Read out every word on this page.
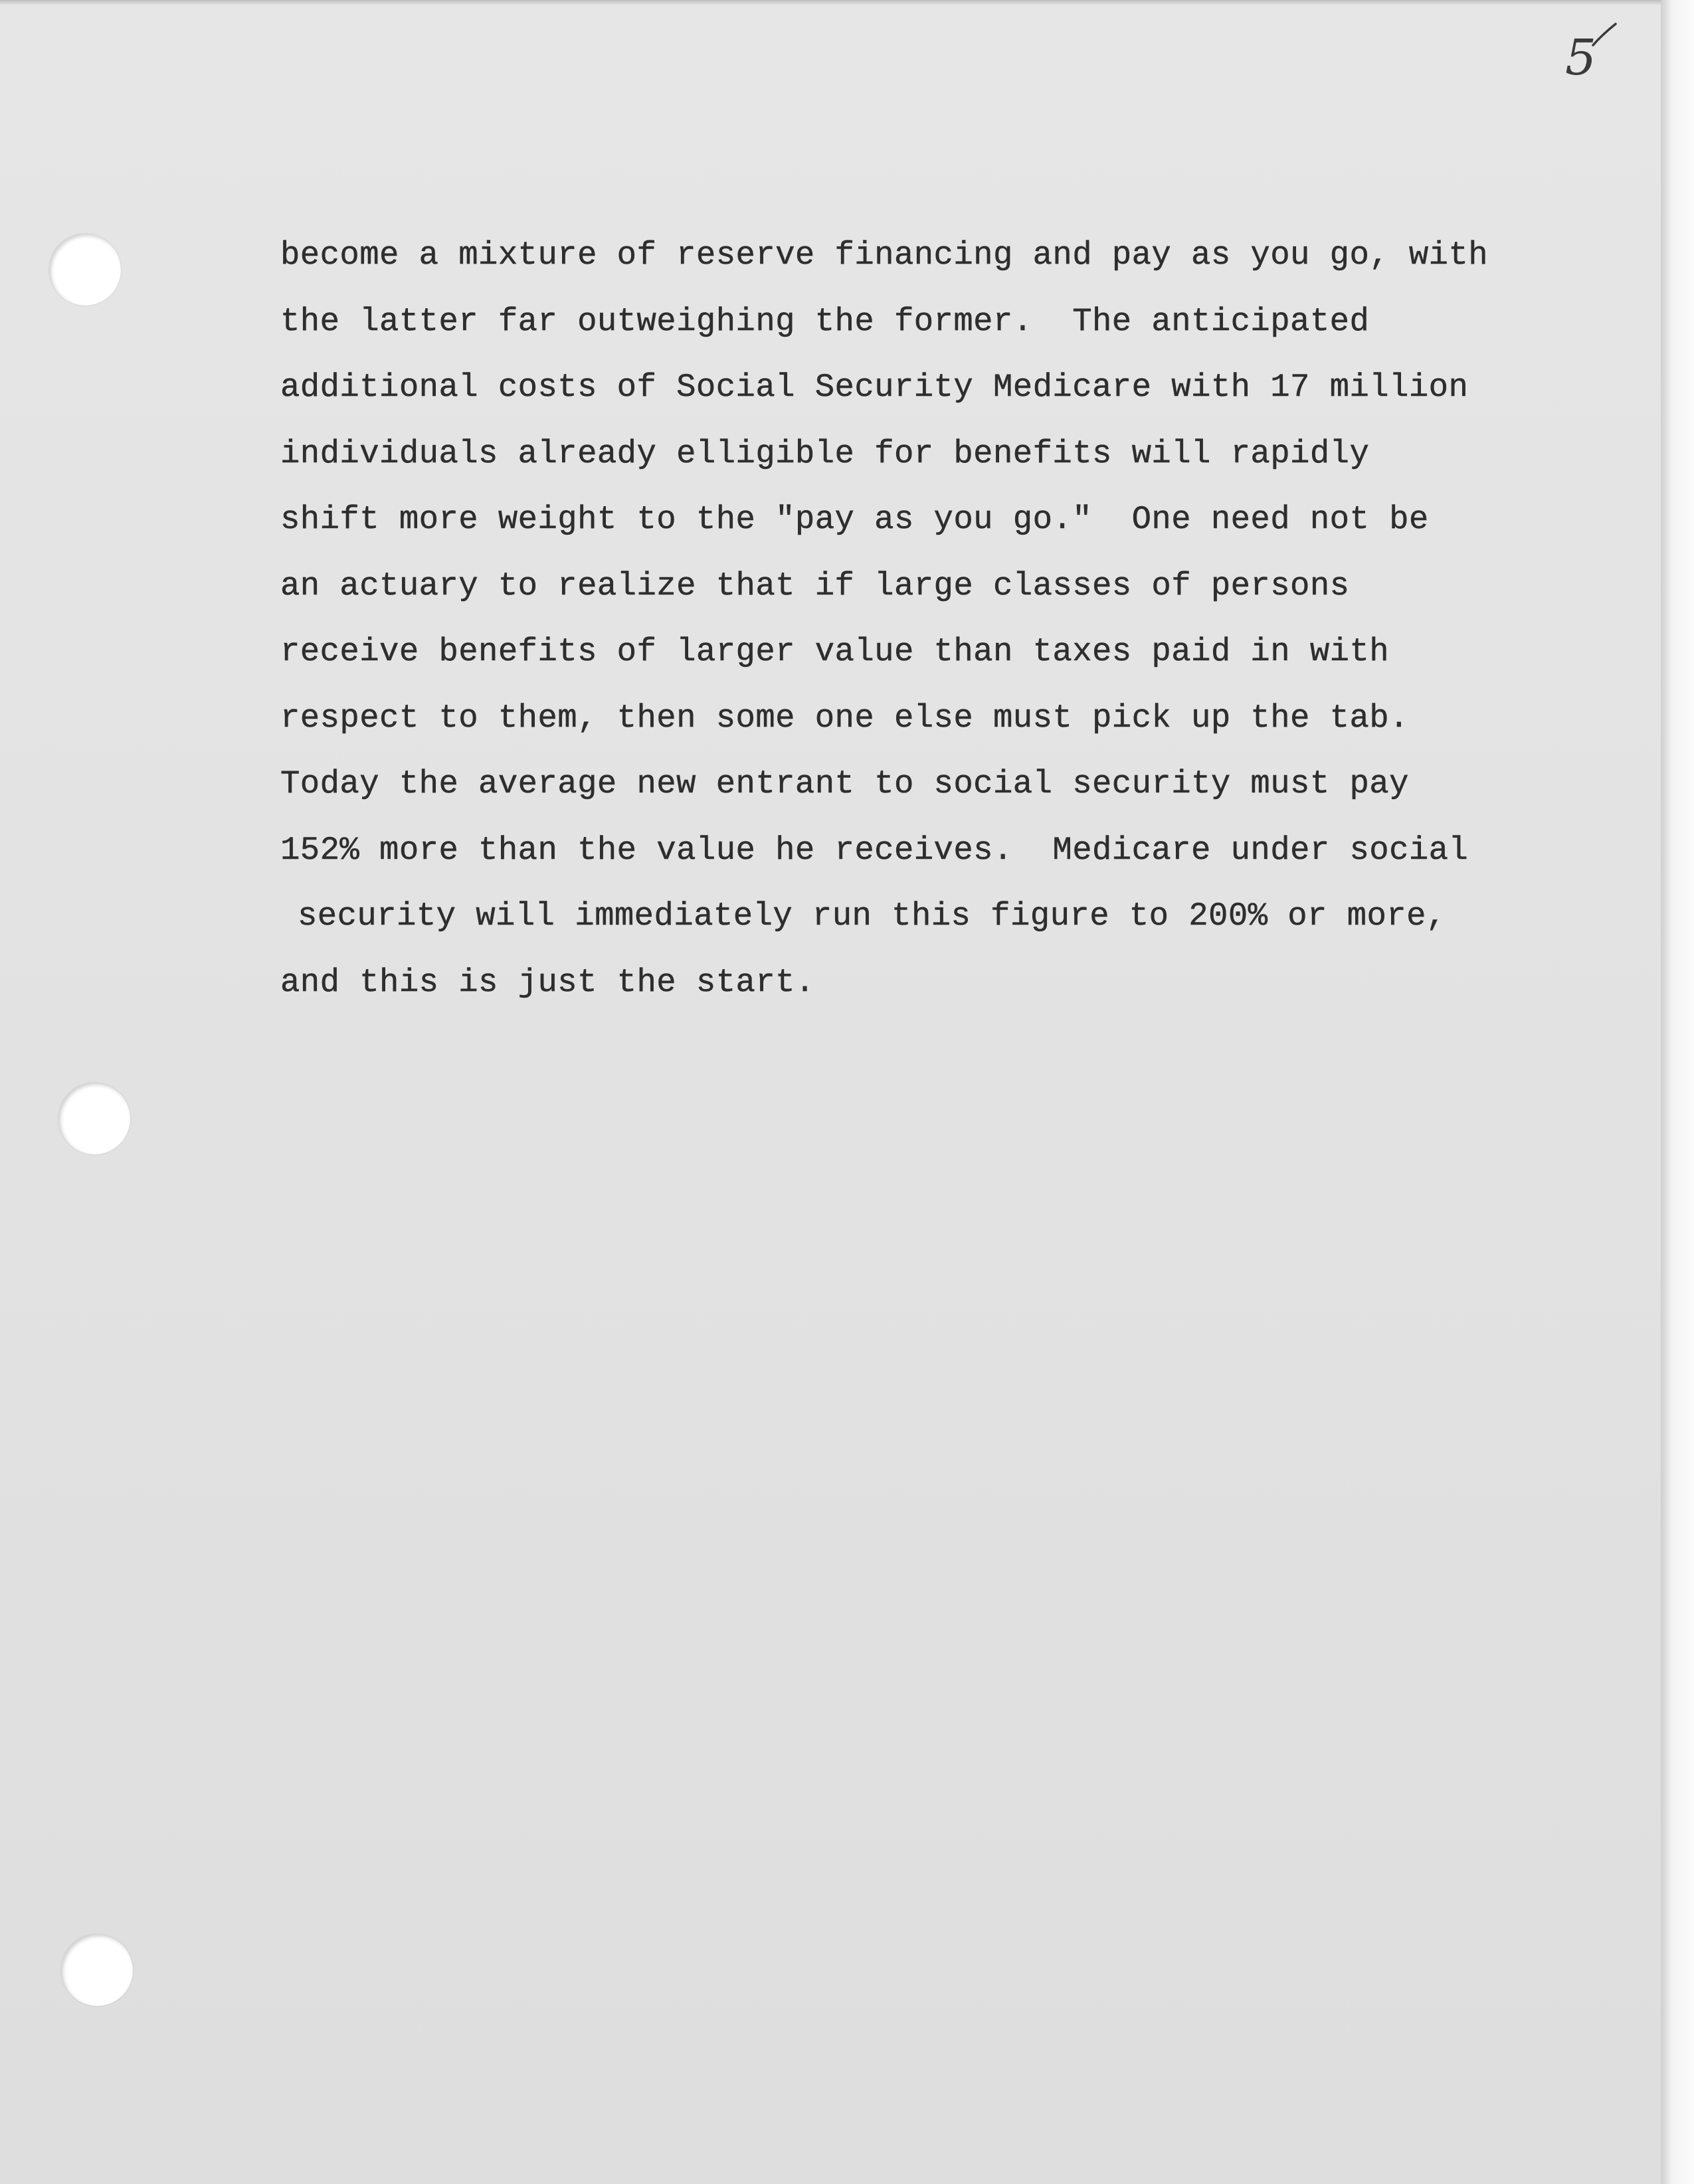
5
become a mixture of reserve financing and pay as you go, with
the latter far outweighing the former.  The anticipated
additional costs of Social Security Medicare with 17 million
individuals already elligible for benefits will rapidly
shift more weight to the "pay as you go."  One need not be
an actuary to realize that if large classes of persons
receive benefits of larger value than taxes paid in with
respect to them, then some one else must pick up the tab.
Today the average new entrant to social security must pay
152% more than the value he receives.  Medicare under social
security will immediately run this figure to 200% or more,
and this is just the start.
